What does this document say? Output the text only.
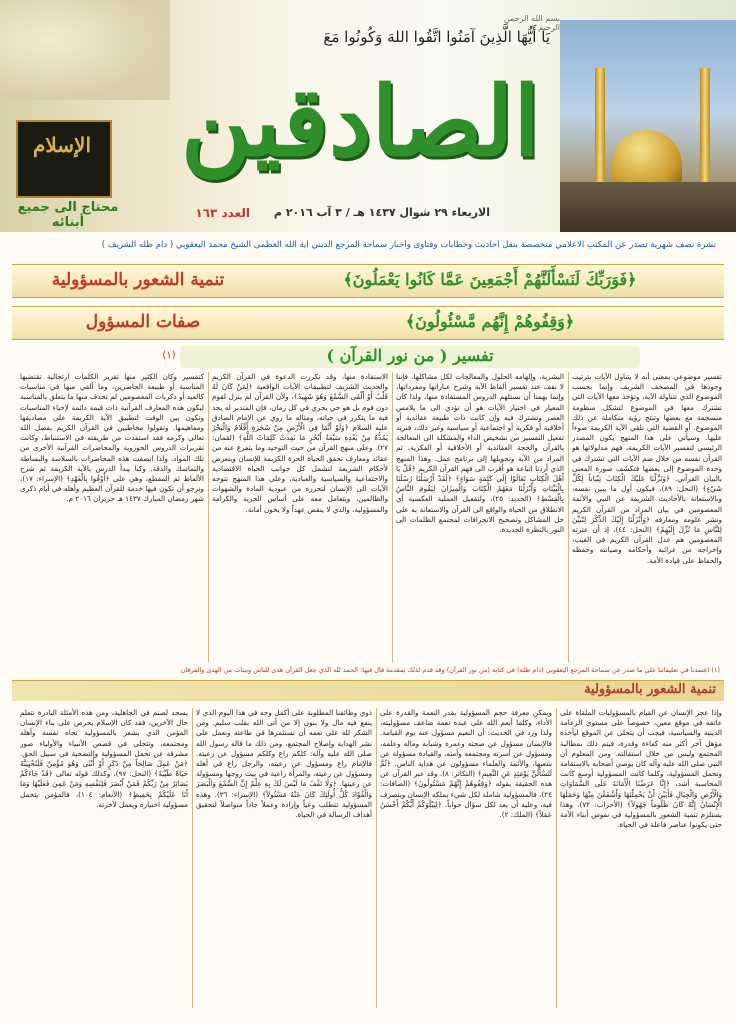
الإسلام
محتاج الى جميع أبنائه
بسم الله الرحمن الرحيم
يَا أَيُّهَا الَّذِينَ آمَنُوا اتَّقُوا اللهَ وَكُونُوا مَعَ
الصادقين
الاربعاء ٢٩ شوال ١٤٣٧ هـ / ٣ آب ٢٠١٦ م
العدد ١٦٣
نشرة نصف شهرية تصدر عن المكتب الاعلامي متخصصة بنقل أحاديث وخطابات وفتاوى وأخبار سماحة المرجع الديني آية الله العظمى الشيخ محمد اليعقوبي ( دام ظله الشريف )
﴿فَوَرَبِّكَ لَنَسْأَلَنَّهُمْ أَجْمَعِينَ عَمَّا كَانُوا يَعْمَلُونَ﴾
تنمية الشعور بالمسؤولية
﴿وَقِفُوهُمْ إِنَّهُم مَّسْئُولُونَ﴾
صفات المسؤول
تفسير ( من نور القرآن )
(١)
تفسير موضوعي بمعنى أنه لا يتناول الآيات بترتيب وجودها في المصحف الشريف وإنما بحسب الموضوع الذي تتناوله الآية، وتؤخذ معها الآيات التي تشترك معها في الموضوع لتشكل منظومة منسجمة مع بعضها وتنتج رؤية متكاملة عن ذلك الموضوع. أو القضية التي تلقي الآية الكريمة ضوءاً عليها. وسيأتي على هذا المنهج يكون المصدر الرئيسي لتفسير الآيات الكريمة، فهم مدلولاتها هو القرآن نفسه من خلال ضم الآيات التي تشترك في وحدة الموضوع إلى بعضها فتكشف صورة المعنى بالبيان القرآني. ﴿وَنَزَّلْنَا عَلَيْكَ الْكِتَابَ تِبْيَاناً لِكُلِّ شَيْءٍ﴾ (النحل: ٨٩)، فيكون أول ما يبين نفسه، وبالاستعانة بالأحاديث الشريفة عن النبي والأئمة المعصومين في بيان المراد من القرآن الكريم ونشر علومه ومعارفه ﴿وَأَنْزَلْنَا إِلَيْكَ الذِّكْرَ لِتُبَيِّنَ لِلنَّاسِ مَا نُزِّلَ إِلَيْهِمْ﴾ (النحل: ٤٤)، إذ أن عترته المعصومين هم عدل القرآن الكريم في الغيب، وإخراجه من غرائبه وأحكامه وصيانته وحفظه والحفاظ على قيادة الأمة.
البشرية، وإلهامه الحلول والمعالجات لكل مشاكلها، فإننا لا نقف عند تفسير ألفاظ الآية وشرح عباراتها ومفرداتها، وإنما يهمنا أن نستلهم الدروس المستفادة منها، ولذا كان المعيار في اختيار الآيات هو أن تؤدي الى ما يلامس العصر وتشترك فيه وإن كانت ذات طبيعة عقائدية أو أخلاقية أو فكرية أو اجتماعية أو سياسية وغير ذلك، فنريد تفعيل التفسير من تشخيص الداء والمشكلة الى المعالجة بالقرآن والحجة العقائدية أو الأخلاقية أو الفكرية، ثم المراد من الآية وتحويلها إلى برنامج عمل. وهذا المنهج الذي أردنا اتباعه هو أقرب الى فهم القرآن الكريم ﴿قُلْ يَا أَهْلَ الْكِتَابِ تَعَالَوْا إِلَى كَلِمَةٍ سَوَاءٍ﴾ ﴿لَقَدْ أَرْسَلْنَا رُسُلَنَا بِالْبَيِّنَاتِ وَأَنْزَلْنَا مَعَهُمُ الْكِتَابَ وَالْمِيزَانَ لِيَقُومَ النَّاسُ بِالْقِسْطِ﴾ (الحديد: ٢٥)، ولتفعيل العملية العكسية أي الانطلاق من الحياة والواقع الى القرآن والاستعانة به على حل المشاكل وتصحيح الانحرافات لمجتمع الظلمات الى النور بالنظرة الجديدة.
الاستفادة منها، وقد تكررت الدعوة في القرآن الكريم والحديث الشريف لتطبيقات الآيات الواقعية ﴿لِمَنْ كَانَ لَهُ قَلْبٌ أَوْ أَلْقَى السَّمْعَ وَهُوَ شَهِيدٌ﴾، ولأن القرآن لم ينزل لقوم دون قوم بل هو حي يجري في كل زمان، فإن المتدبر له يجد فيه ما يتكرر في حياته، ومثاله ما روي عن الإمام الصادق عليه السلام ﴿وَلَوْ أَنَّمَا فِي الْأَرْضِ مِنْ شَجَرَةٍ أَقْلَامٌ وَالْبَحْرُ يَمُدُّهُ مِنْ بَعْدِهِ سَبْعَةُ أَبْحُرٍ مَا نَفِدَتْ كَلِمَاتُ اللَّهِ﴾ (لقمان: ٢٧). وعلى منهج القرآن من حيث التوحيد وما يتفرع عنه من عقائد ومعارف تحقق الحياة الحرة الكريمة للإنسان ويتعرض لأحكام الشريعة لتشمل كل جوانب الحياة الاقتصادية والاجتماعية والسياسية والعبادية، وعلى هذا المنهج تتوجه الآيات الى الإنسان لتحرره من عبودية المادة والشهوات والظالمين، ويتعامل معه على أساس الحرية والكرامة والمسؤولية، والذي لا ينقض عهداً ولا يخون أمانة.
كتفسير وكان الكثير منها تقرير الكلمات ارتجالية تقتضيها المناسبة أو طبيعة الحاضرين، وما ألقي منها في مناسبات كالعيد أو ذكريات المعصومين لم تحذف منها ما يتعلق بالمناسبة ليكون هذه المعارف القرآنية ذات قيمة دائمة لإحياء المناسبات وتكون بين الوقت لتطبيق الآية الكريمة على مصاديقها ومفاهيمها. وتقولوا مخاطبين في القرآن الكريم بفضل الله تعالى وكرمه فقد استفدت من طريقته في الاستنباط، وكانت تقريرات الدروس الحوزوية والمحاضرات القرآنية الأخرى من تلك المواد، ولذا اتصفت هذه المحاضرات بالسلاسة والبساطة والتماسك والدقة. وكنا يبدأ الدرس بالآية الكريمة ثم شرح الألفاظ ثم المقطع، وهي على ﴿أَوْفُوا بِالْعَهْدِ﴾ (الإسراء: ١٧)، ونرجو أن تكون فيها خدمة للقرآن العظيم وأهله في أيام ذكرى شهر رمضان المبارك ١٤٣٧ هـ حزيران ٢٠١٦ م.
(١) اعتمدنا في تعليقاتنا على ما صدر عن سماحة المرجع اليعقوبي (دام ظله) في كتابه (من نور القرآن) وقد قدم لذلك بمقدمة قال فيها: الحمد لله الذي جعل القرآن هدى للناس وبينات من الهدى والفرقان
تنمية الشعور بالمسؤولية
وإذا عجز الإنسان عن القيام بالمسؤوليات الملقاة على عاتقه في موقع معين، خصوصاً على مستوى الزعامة الدينية والسياسية، فيجب أن يتخلى عن الموقع ليأخذه مؤهل آخر أكثر منه كفاءة وقدرة، فيتم ذلك بمطالبة المجتمع وليس من خلال استقالته. ومن المعلوم أن النبي صلى الله عليه وآله كان يوصي أصحابه بالاستقامة وتحمل المسؤولية، وكلما كانت المسؤولية أوسع كانت المحاسبة أشد، ﴿إِنَّا عَرَضْنَا الْأَمَانَةَ عَلَى السَّمَاوَاتِ وَالْأَرْضِ وَالْجِبَالِ فَأَبَيْنَ أَنْ يَحْمِلْنَهَا وَأَشْفَقْنَ مِنْهَا وَحَمَلَهَا الْإِنْسَانُ إِنَّهُ كَانَ ظَلُوماً جَهُولاً﴾ (الأحزاب: ٧٢). وهذا يستلزم تنمية الشعور بالمسؤولية في نفوس أبناء الأمة حتى يكونوا عناصر فاعلة في الحياة.
ويمكن معرفة حجم المسؤولية بقدر النعمة والقدرة على الأداء، وكلما أنعم الله على عبده نعمة ضاعف مسؤوليته، ولذا ورد في الحديث: أن النعيم مسؤول عنه يوم القيامة. فالإنسان مسؤول عن صحته وعمره وشبابه وماله وعلمه، ومسؤول عن أسرته ومجتمعه وأمته، والقيادة مسؤولة عن شعبها، والأئمة والعلماء مسؤولون عن هداية الناس. ﴿ثُمَّ لَتُسْأَلُنَّ يَوْمَئِذٍ عَنِ النَّعِيمِ﴾ (التكاثر: ٨). وقد عبر القرآن عن هذه الحقيقة بقوله ﴿وَقِفُوهُمْ إِنَّهُمْ مَسْئُولُونَ﴾ (الصافات: ٢٤)، فالمسؤولية شاملة لكل شيء يملكه الإنسان ويتصرف فيه، وعليه أن يعد لكل سؤال جواباً. ﴿لِيَبْلُوَكُمْ أَيُّكُمْ أَحْسَنُ عَمَلاً﴾ (الملك: ٢).
ذوي وظائفنا المطلوبة على أكمل وجه في هذا اليوم الذي لا ينفع فيه مال ولا بنون إلا من أتى الله بقلب سليم. ومن الشكر لله على نعمه أن نستثمرها في طاعته ونعمل على نشر الهداية وإصلاح المجتمع، ومن ذلك ما قاله رسول الله صلى الله عليه وآله: كلكم راع وكلكم مسؤول عن رعيته. فالإمام راع ومسؤول عن رعيته، والرجل راع في أهله ومسؤول عن رعيته، والمرأة راعية في بيت زوجها ومسؤولة عن رعيتها. ﴿وَلَا تَقْفُ مَا لَيْسَ لَكَ بِهِ عِلْمٌ إِنَّ السَّمْعَ وَالْبَصَرَ وَالْفُؤَادَ كُلُّ أُولَئِكَ كَانَ عَنْهُ مَسْئُولاً﴾ (الإسراء: ٣٦). وهذه المسؤولية تتطلب وعياً وإرادة وعملاً جاداً متواصلاً لتحقيق أهداف الرسالة في الحياة.
يسجد لصنم في الجاهلية، ومن هذه الأمثلة النادرة نتعلم حال الآخرين، فقد كان الإسلام يحرص على بناء الإنسان المؤمن الذي يشعر بالمسؤولية تجاه نفسه وأهله ومجتمعه، وتتجلى في قصص الأنبياء والأولياء صور مشرقة عن تحمل المسؤولية والتضحية في سبيل الحق. ﴿مَنْ عَمِلَ صَالِحاً مِنْ ذَكَرٍ أَوْ أُنْثَى وَهُوَ مُؤْمِنٌ فَلَنُحْيِيَنَّهُ حَيَاةً طَيِّبَةً﴾ (النحل: ٩٧)، وكذلك قوله تعالى ﴿قَدْ جَاءَكُمْ بَصَائِرُ مِنْ رَبِّكُمْ فَمَنْ أَبْصَرَ فَلِنَفْسِهِ وَمَنْ عَمِيَ فَعَلَيْهَا وَمَا أَنَا عَلَيْكُمْ بِحَفِيظٍ﴾ (الأنعام: ١٠٤)، فالمؤمن يتحمل مسؤولية اختياره ويعمل لآخرته.
